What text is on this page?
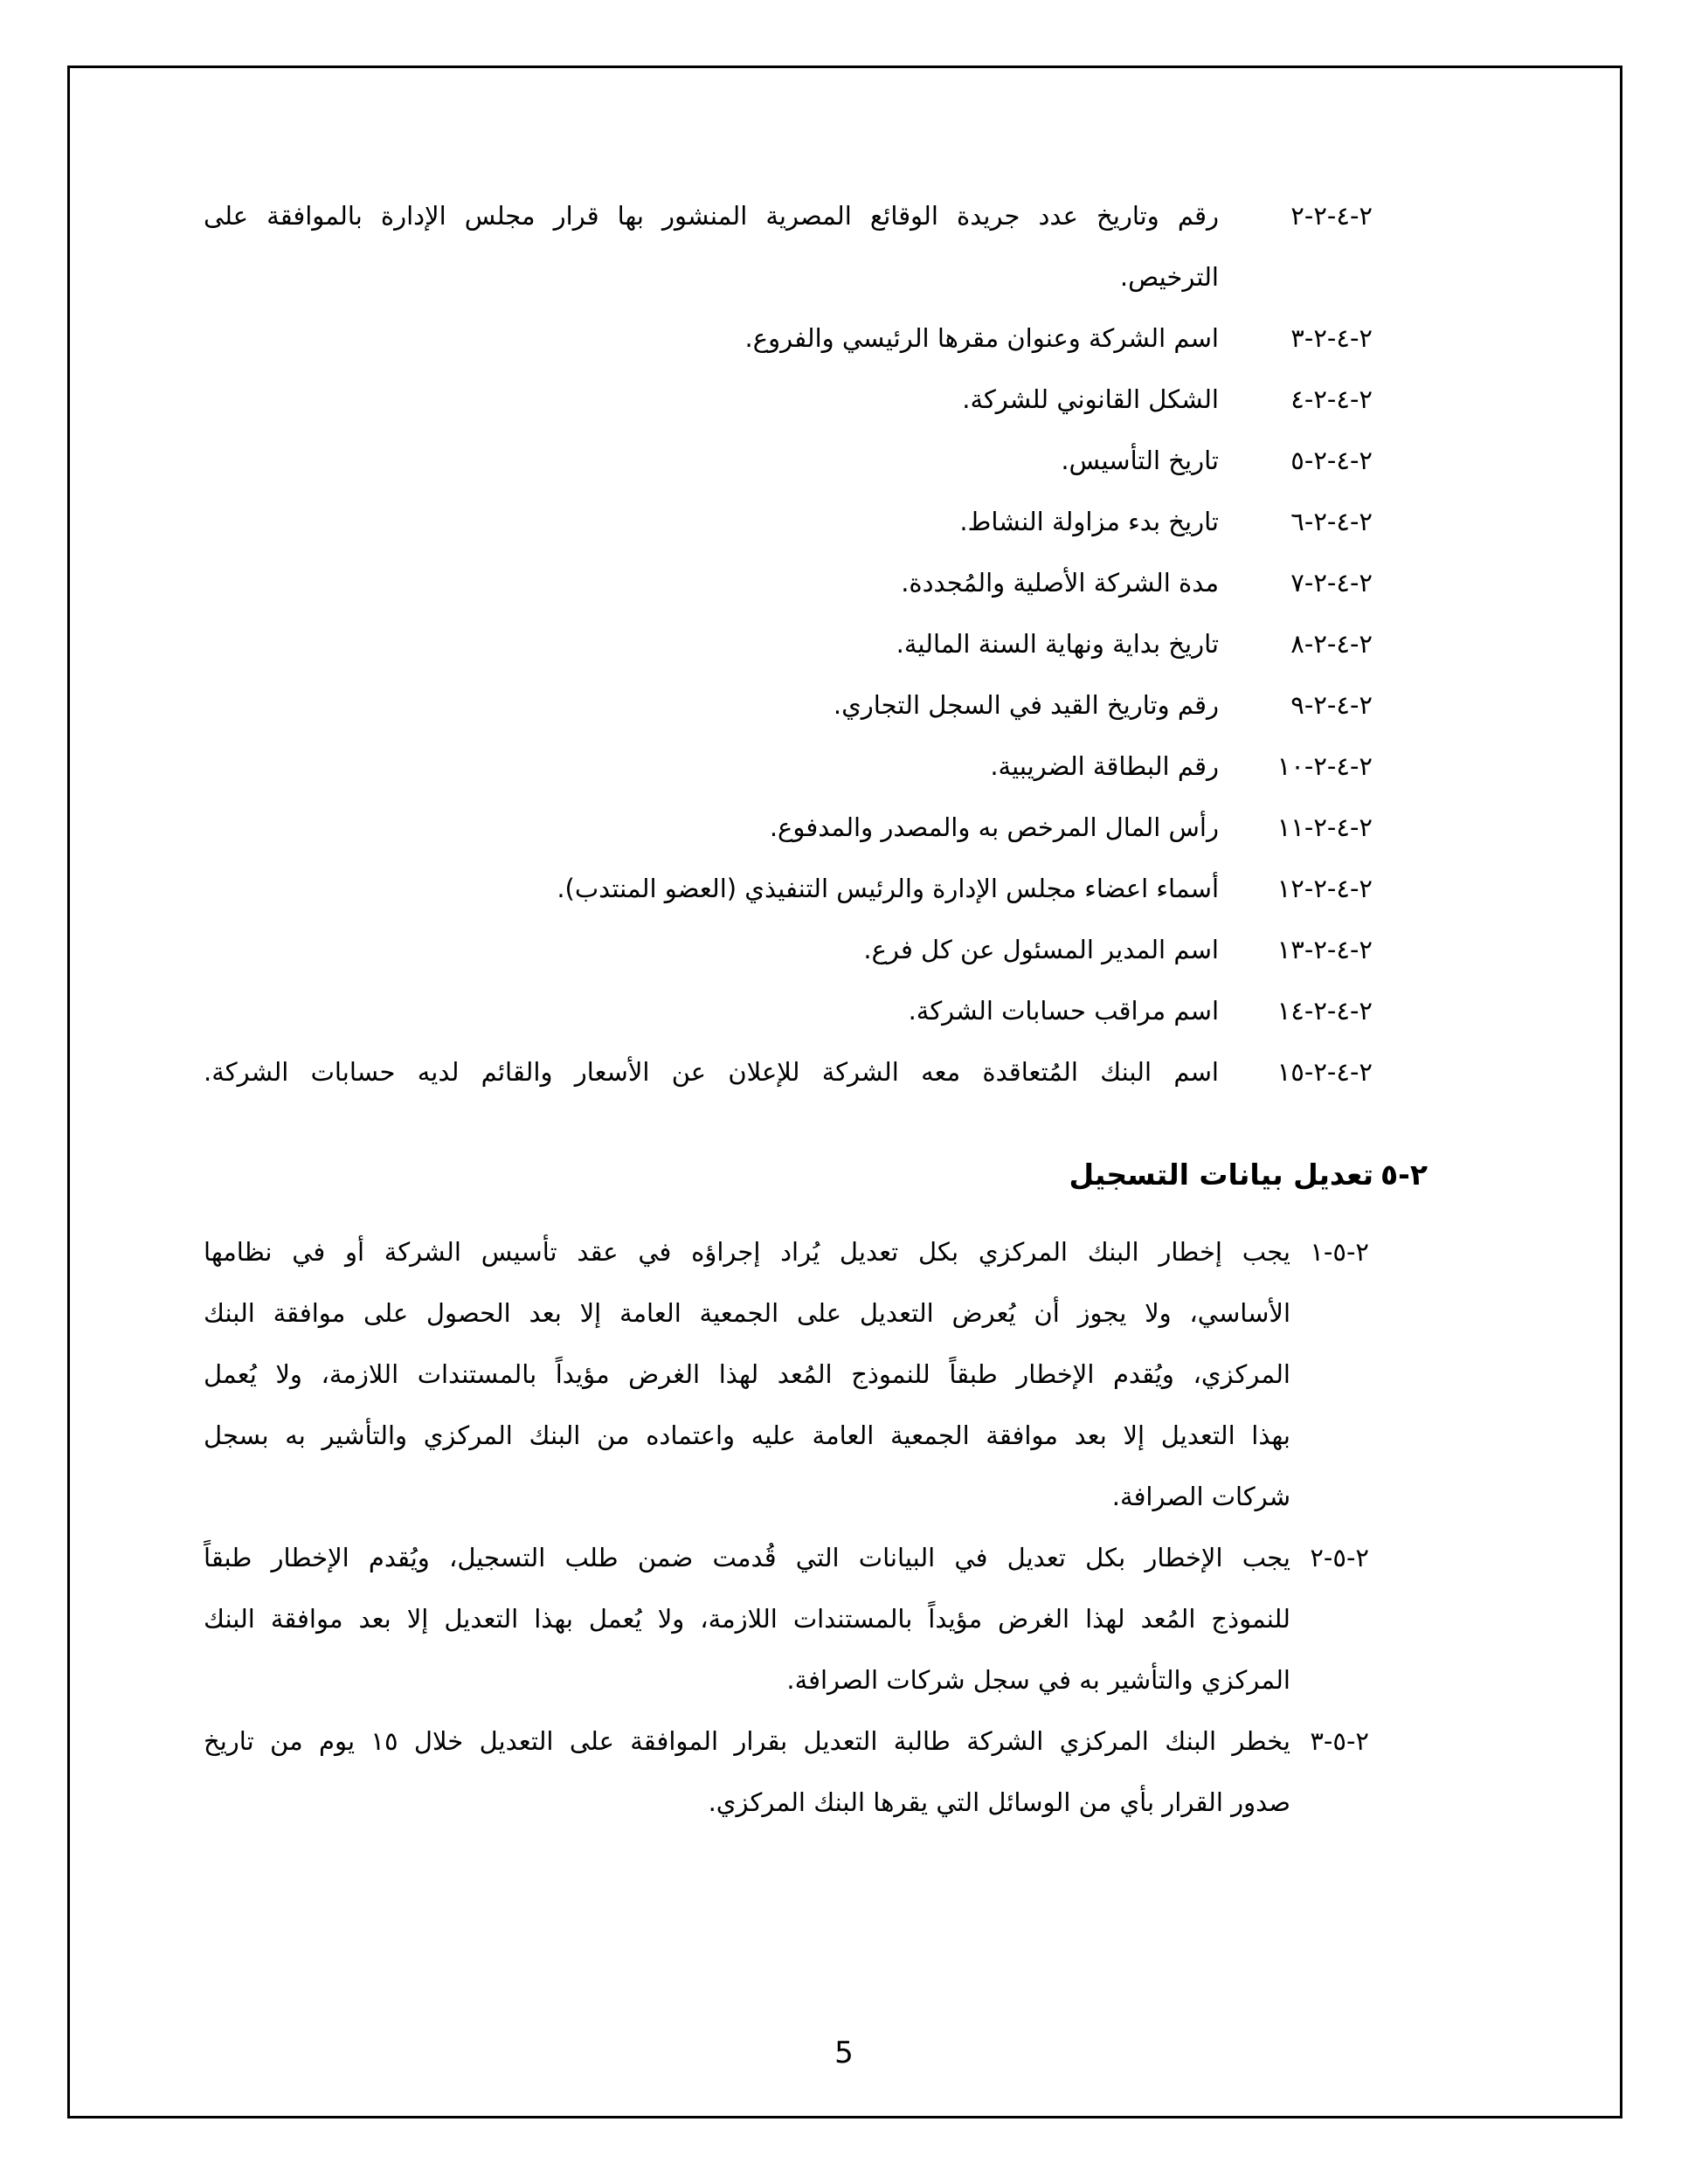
٢-٤-٢-٢رقم وتاريخ عدد جريدة الوقائع المصرية المنشور بها قرار مجلس الإدارة بالموافقة على
الترخيص.
٢-٤-٢-٣اسم الشركة وعنوان مقرها الرئيسي والفروع.
٢-٤-٢-٤الشكل القانوني للشركة.
٢-٤-٢-٥تاريخ التأسيس.
٢-٤-٢-٦تاريخ بدء مزاولة النشاط.
٢-٤-٢-٧مدة الشركة الأصلية والمُجددة.
٢-٤-٢-٨تاريخ بداية ونهاية السنة المالية.
٢-٤-٢-٩رقم وتاريخ القيد في السجل التجاري.
٢-٤-٢-١٠رقم البطاقة الضريبية.
٢-٤-٢-١١رأس المال المرخص به والمصدر والمدفوع.
٢-٤-٢-١٢أسماء اعضاء مجلس الإدارة والرئيس التنفيذي (العضو المنتدب).
٢-٤-٢-١٣اسم المدير المسئول عن كل فرع.
٢-٤-٢-١٤اسم مراقب حسابات الشركة.
٢-٤-٢-١٥اسم البنك المُتعاقدة معه الشركة للإعلان عن الأسعار والقائم لديه حسابات الشركة.
٢-٥تعديل بيانات التسجيل
٢-٥-١يجب إخطار البنك المركزي بكل تعديل يُراد إجراؤه في عقد تأسيس الشركة أو في نظامها
الأساسي، ولا يجوز أن يُعرض التعديل على الجمعية العامة إلا بعد الحصول على موافقة البنك
المركزي، ويُقدم الإخطار طبقاً للنموذج المُعد لهذا الغرض مؤيداً بالمستندات اللازمة، ولا يُعمل
بهذا التعديل إلا بعد موافقة الجمعية العامة عليه واعتماده من البنك المركزي والتأشير به بسجل
شركات الصرافة.
٢-٥-٢يجب الإخطار بكل تعديل في البيانات التي قُدمت ضمن طلب التسجيل، ويُقدم الإخطار طبقاً
للنموذج المُعد لهذا الغرض مؤيداً بالمستندات اللازمة، ولا يُعمل بهذا التعديل إلا بعد موافقة البنك
المركزي والتأشير به في سجل شركات الصرافة.
٢-٥-٣يخطر البنك المركزي الشركة طالبة التعديل بقرار الموافقة على التعديل خلال ١٥ يوم من تاريخ
صدور القرار بأي من الوسائل التي يقرها البنك المركزي.
5
